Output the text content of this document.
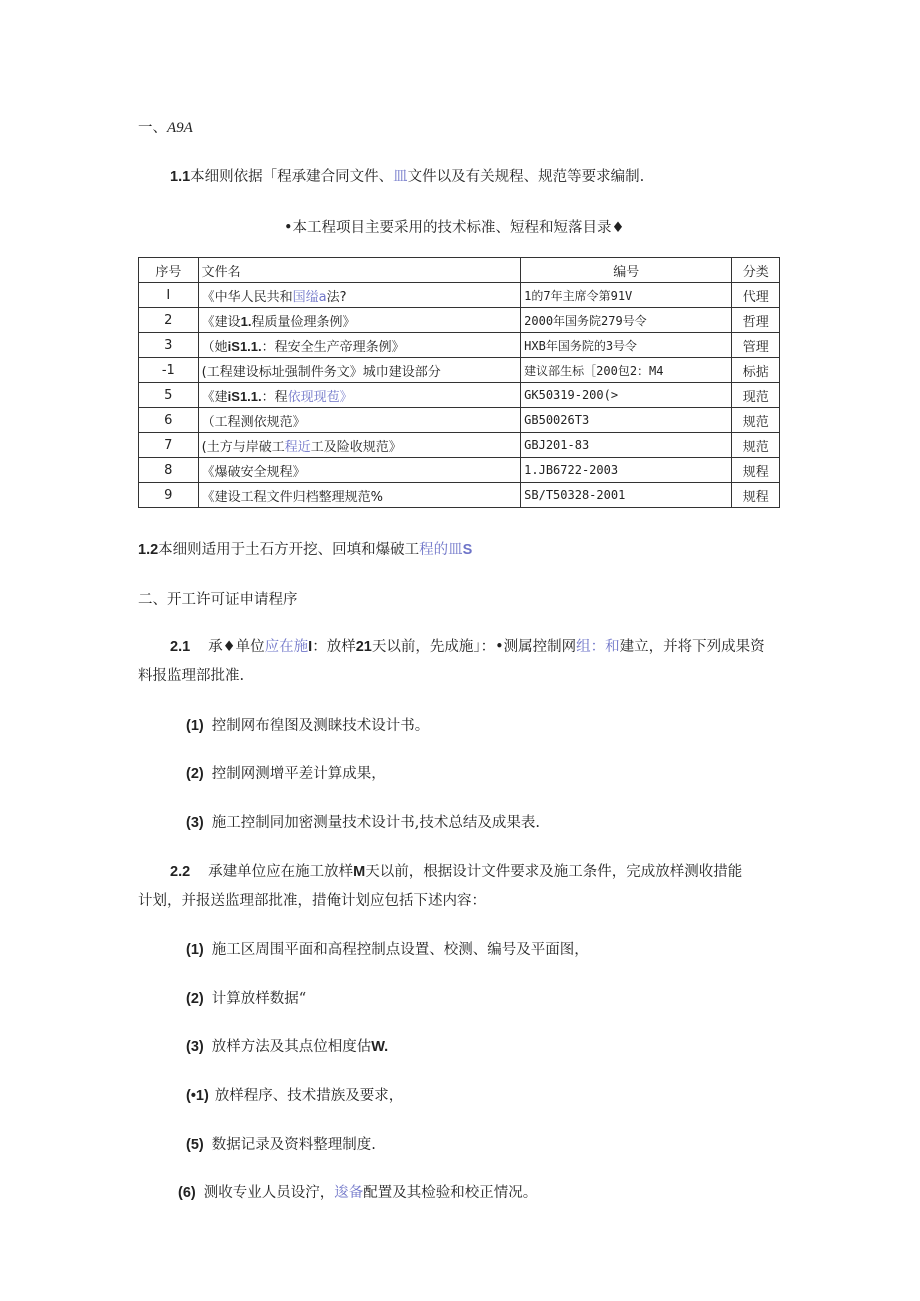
一、A9A
1.1本细则依据「程承建合同文件、皿文件以及有关规程、规范等要求编制.
•本工程项目主要采用的技术标准、短程和短落目录♦
序号	文件名	编号	分类
I	《中华人民共和国缢a法?	1的7年主席令第91V	代理
2	《建设1.程质量俭理条例》	2000年国务院279号令	哲理
3	（她iS1.1.：程安全生产帝理条例》	HXB年国务院的3号令	管理
-1	(工程建设标址强制件务文》城巾建设部分	建议部生标［200包2：M4	标掂
5	《建iS1.1.：程依现现苞》	GK50319-200(>	现范
6	（工程测依规范》	GB50026T3	规范
7	(土方与岸破工程近工及险收规范》	GBJ201-83	规范
8	《爆破安全规程》	1.JB6722-2003	规程
9	《建设工程文件归档整理规范%	SB/T50328-2001	规程
1.2本细则适用于土石方开挖、回填和爆破工程的皿S
二、开工许可证申请程序
2.1 承♦单位应在施I：放样21天以前，先成施」：•测属控制网组：和建立，并将下列成果资
料报监理部批准.
(1) 控制网布徨图及测睐技术设计书。
(2) 控制网测增平差计算成果，
(3) 施工控制同加密测量技术设计书,技术总结及成果表.
2.2 承建单位应在施工放样M天以前，根据设计文件要求及施工条件，完成放样测收措能
计划，并报送监理部批准，措俺计划应包括下述内容：
(1) 施工区周围平面和高程控制点设置、校测、编号及平面图，
(2) 计算放样数据“
(3) 放样方法及其点位相度估W.
(•1) 放样程序、技术措族及要求，
(5) 数据记录及资料整理制度.
(6) 测收专业人员设泞，逡备配置及其检验和校正情况。
